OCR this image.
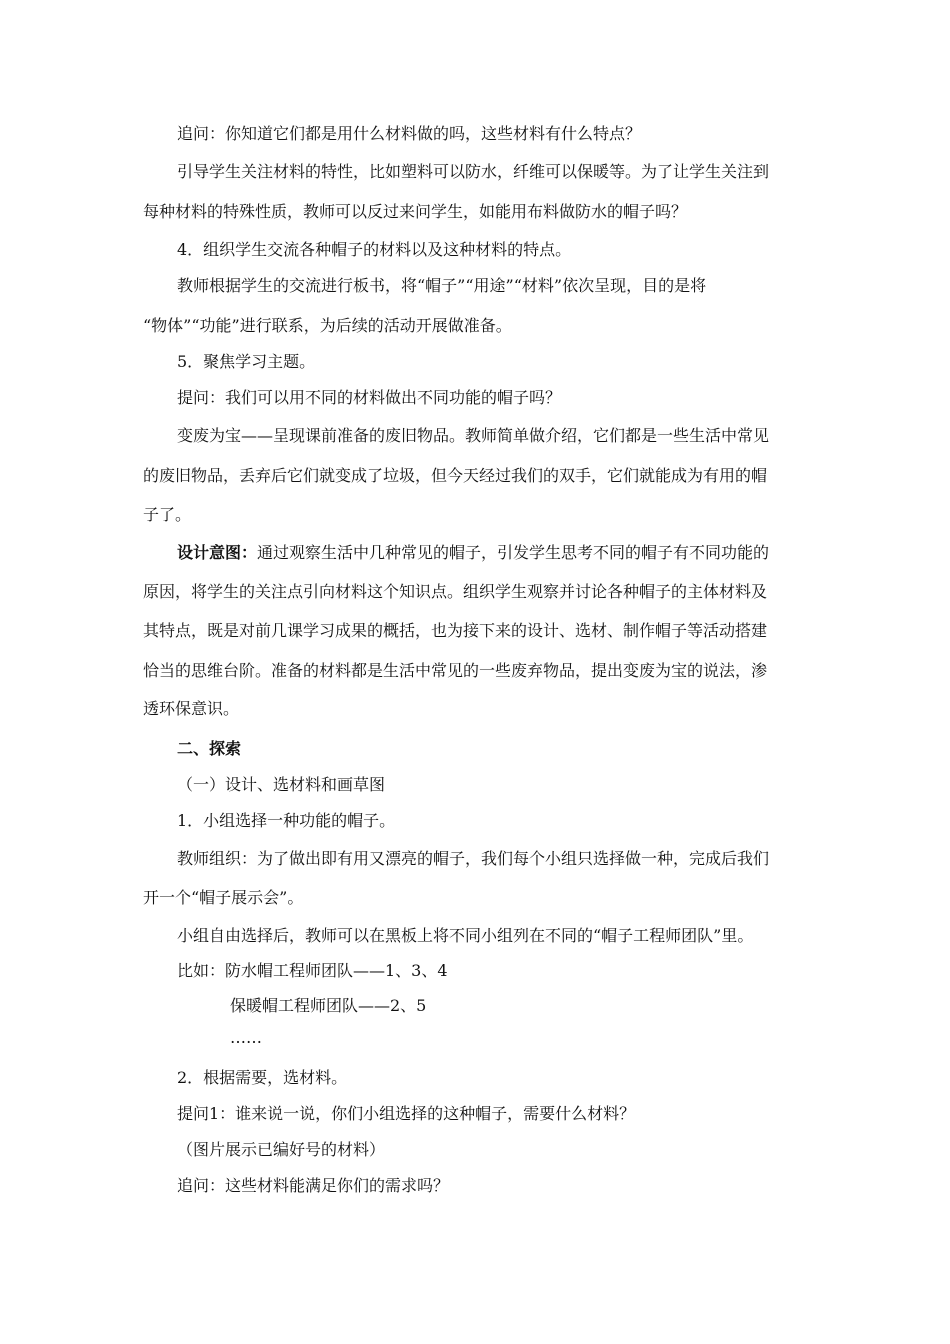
追问：你知道它们都是用什么材料做的吗，这些材料有什么特点？
引导学生关注材料的特性，比如塑料可以防水，纤维可以保暖等。为了让学生关注到
每种材料的特殊性质，教师可以反过来问学生，如能用布料做防水的帽子吗？
4．组织学生交流各种帽子的材料以及这种材料的特点。
教师根据学生的交流进行板书，将“帽子”“用途”“材料”依次呈现，目的是将
“物体”“功能”进行联系，为后续的活动开展做准备。
5．聚焦学习主题。
提问：我们可以用不同的材料做出不同功能的帽子吗？
变废为宝——呈现课前准备的废旧物品。教师简单做介绍，它们都是一些生活中常见
的废旧物品，丢弃后它们就变成了垃圾，但今天经过我们的双手，它们就能成为有用的帽
子了。
设计意图：通过观察生活中几种常见的帽子，引发学生思考不同的帽子有不同功能的
原因，将学生的关注点引向材料这个知识点。组织学生观察并讨论各种帽子的主体材料及
其特点，既是对前几课学习成果的概括，也为接下来的设计、选材、制作帽子等活动搭建
恰当的思维台阶。准备的材料都是生活中常见的一些废弃物品，提出变废为宝的说法，渗
透环保意识。
二、探索
（一）设计、选材料和画草图
1．小组选择一种功能的帽子。
教师组织：为了做出即有用又漂亮的帽子，我们每个小组只选择做一种，完成后我们
开一个“帽子展示会”。
小组自由选择后，教师可以在黑板上将不同小组列在不同的“帽子工程师团队”里。
比如：防水帽工程师团队——1、3、4
保暖帽工程师团队——2、5
……
2．根据需要，选材料。
提问1：谁来说一说，你们小组选择的这种帽子，需要什么材料？
（图片展示已编好号的材料）
追问：这些材料能满足你们的需求吗？
